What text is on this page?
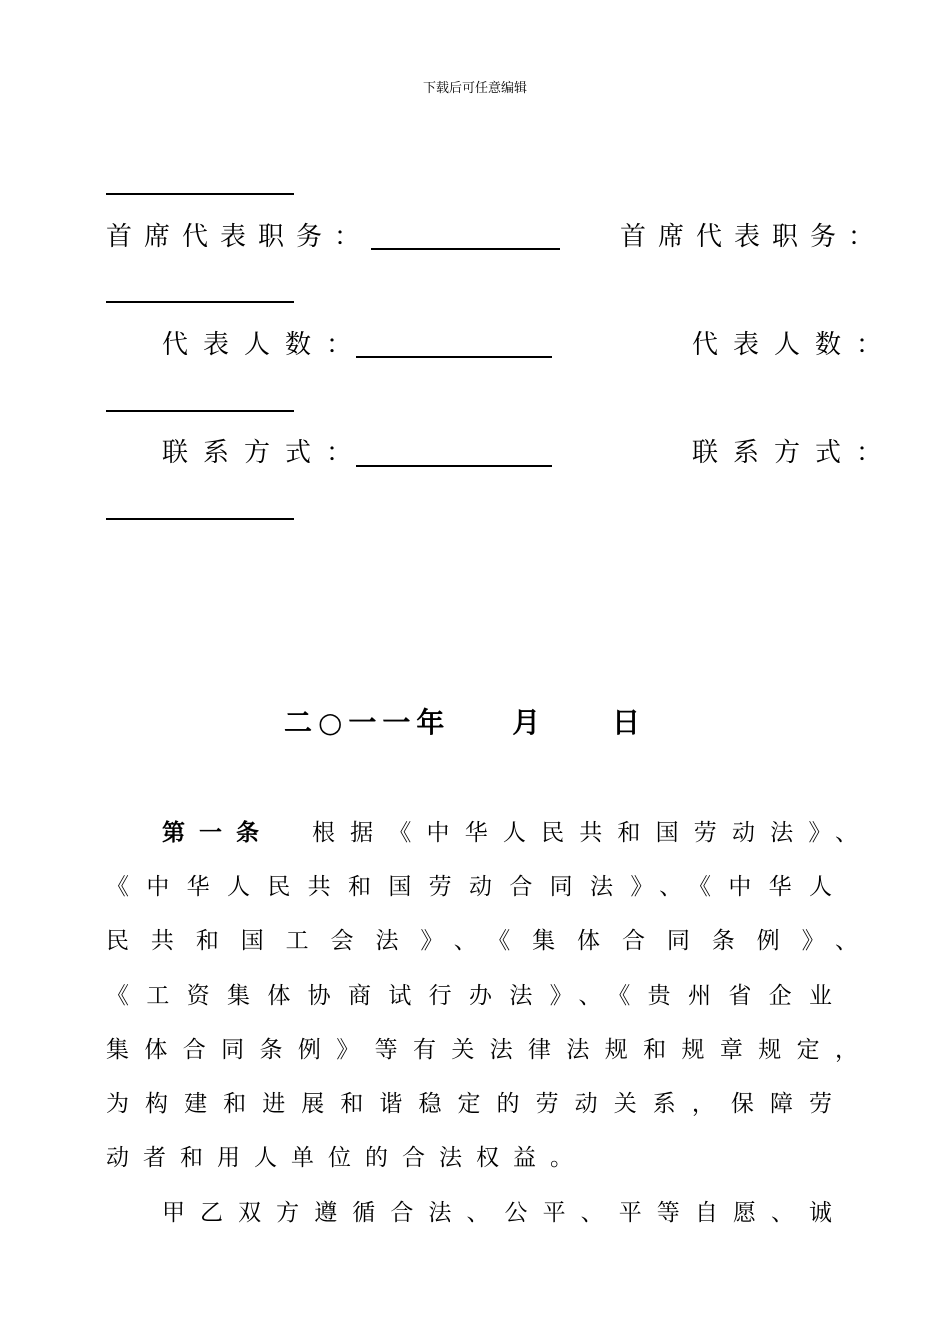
下载后可任意编辑
首席代表职务：	首席代表职务：
代表人数：	代表人数：
联系方式：	联系方式：
二○一一年 月	日
第一条 根据《中华人民共和国劳动法》、
《中华人民共和国劳动合同法》、《中华人
民共和国工会法》、《集体合同条例》、
《工资集体协商试行办法》、《贵州省企业
集体合同条例》等有关法律法规和规章规定，
为构建和进展和谐稳定的劳动关系，保障劳
动者和用人单位的合法权益。
甲乙双方遵循合法、公平、平等自愿、诚
